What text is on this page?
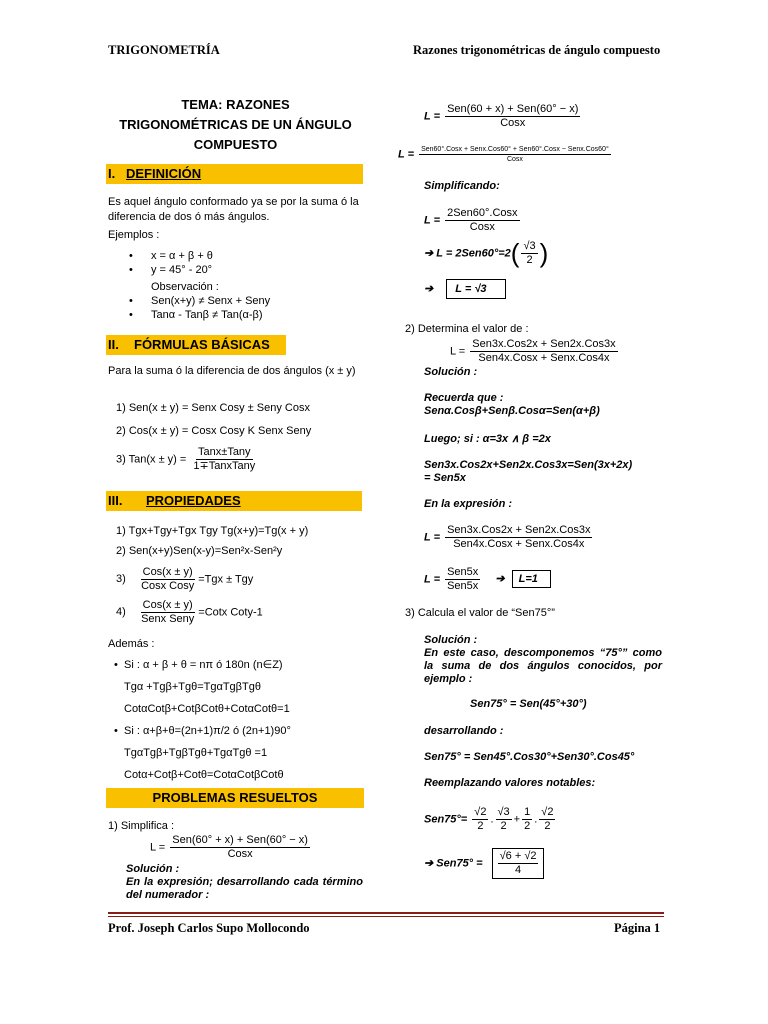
TRIGONOMETRÍA	Razones trigonométricas de ángulo compuesto
TEMA: RAZONES
TRIGONOMÉTRICAS DE UN ÁNGULO
COMPUESTO
I. DEFINICIÓN
Es aquel ángulo conformado ya se por la suma ó la diferencia de dos ó más ángulos.
Ejemplos :
• x = α + β + θ
• y = 45° - 20°
Observación :
• Sen(x+y) ≠ Senx + Seny
• Tanα - Tanβ ≠ Tan(α-β)
II. FÓRMULAS BÁSICAS
Para la suma ó la diferencia de dos ángulos (x ± y)
1) Sen(x ± y) = Senx Cosy ± Seny Cosx
2) Cos(x ± y) = Cosx Cosy K Senx Seny
3) $Tan(x \pm y) = \frac{\text{Tanx±Tany}}{\text{1∓TanxTany}}$
III. PROPIEDADES
1) Tgx+Tgy+Tgx Tgy Tg(x+y)=Tg(x + y)
2) Sen(x+y)Sen(x-y)=Sen²x-Sen²y
$3) \frac{\text{Cos(x ± y)}}{\text{Cosx Cosy}} =Tgx$ ± Tgy
$4) \frac{\text{Cos(x ± y)}}{\text{Senx Seny}}$ =Cotx Coty-1
Además :
• Si : α + β + θ = nπ ó 180n (n∈Z)
Tgα +Tgβ+Tgθ=TgαTgβTgθ
CotαCotβ+CotβCotθ+CotαCotθ=1
• Si : α+β+θ=(2n+1)π/2 ó (2n+1)90°
TgαTgβ+TgβTgθ+TgαTgθ =1
Cotα+Cotβ+Cotθ=CotαCotβCotθ
PROBLEMAS RESUELTOS
1) Simplifica :
$L = \frac{\text{Sen(60° + x) + Sen(60° − x)}}{\text{Cosx}}$
Solución :
En la expresión; desarrollando cada término del numerador :
$L = \frac{\text{Sen(60 + x) + Sen(60° − x)}}{\text{Cosx}}$
$L = \frac{\text{Sen60°.Cosx + Senx.Cos60° + Sen60°.Cosx − Senx.Cos60°}}{\text{Cosx}}$
Simplificando:
$L = \frac{\text{2Sen60°.Cosx}}{\text{Cosx}}$
➔ $L = 2Sen60^\circ=2( \frac{√3}{2}$ )
➔ L = √3
2) Determina el valor de :
$L = \frac{\text{Sen3x.Cos2x + Sen2x.Cos3x}}{\text{Sen4x.Cosx + Senx.Cos4x}}$
Solución :
Recuerda que :
Senα.Cosβ+Senβ.Cosα=Sen(α+β)
Luego; si : α=3x ∧ β =2x
Sen3x.Cos2x+Sen2x.Cos3x=Sen(3x+2x)
= Sen5x
En la expresión :
$L = \frac{\text{Sen3x.Cos2x + Sen2x.Cos3x}}{\text{Sen4x.Cosx + Senx.Cos4x}}$
$L = \frac{\text{Sen5x}}{\text{Sen5x}}$ ➔ L=1
3) Calcula el valor de “Sen75°”
Solución :
En este caso, descomponemos “75°” como la suma de dos ángulos conocidos, por ejemplo :
Sen75° = Sen(45°+30°)
desarrollando :
Sen75° = Sen45°.Cos30°+Sen30°.Cos45°
Reemplazando valores notables:
$Sen75^\circ= \frac{√2}{2}$ . $\frac{√3}{2} + \frac{1}{2}$ . $\frac{√2}{2}$
➔ $Sen75^\circ = \frac{√6 + √2}{4}$
Prof. Joseph Carlos Supo Mollocondo	Página 1
